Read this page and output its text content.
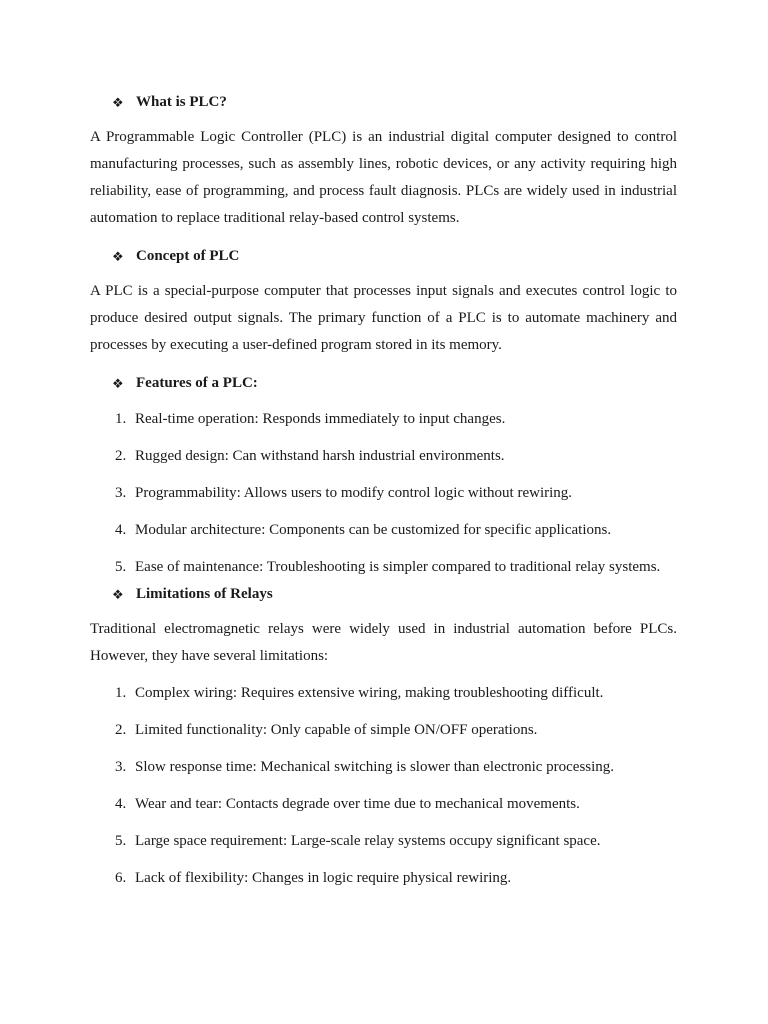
❖ What is PLC?

A Programmable Logic Controller (PLC) is an industrial digital computer designed to control manufacturing processes, such as assembly lines, robotic devices, or any activity requiring high reliability, ease of programming, and process fault diagnosis. PLCs are widely used in industrial automation to replace traditional relay-based control systems.

❖ Concept of PLC

A PLC is a special-purpose computer that processes input signals and executes control logic to produce desired output signals. The primary function of a PLC is to automate machinery and processes by executing a user-defined program stored in its memory.

❖ Features of a PLC:
1. Real-time operation: Responds immediately to input changes.
2. Rugged design: Can withstand harsh industrial environments.
3. Programmability: Allows users to modify control logic without rewiring.
4. Modular architecture: Components can be customized for specific applications.
5. Ease of maintenance: Troubleshooting is simpler compared to traditional relay systems.
❖ Limitations of Relays

Traditional electromagnetic relays were widely used in industrial automation before PLCs. However, they have several limitations:

1. Complex wiring: Requires extensive wiring, making troubleshooting difficult.
2. Limited functionality: Only capable of simple ON/OFF operations.
3. Slow response time: Mechanical switching is slower than electronic processing.
4. Wear and tear: Contacts degrade over time due to mechanical movements.
5. Large space requirement: Large-scale relay systems occupy significant space.
6. Lack of flexibility: Changes in logic require physical rewiring.
